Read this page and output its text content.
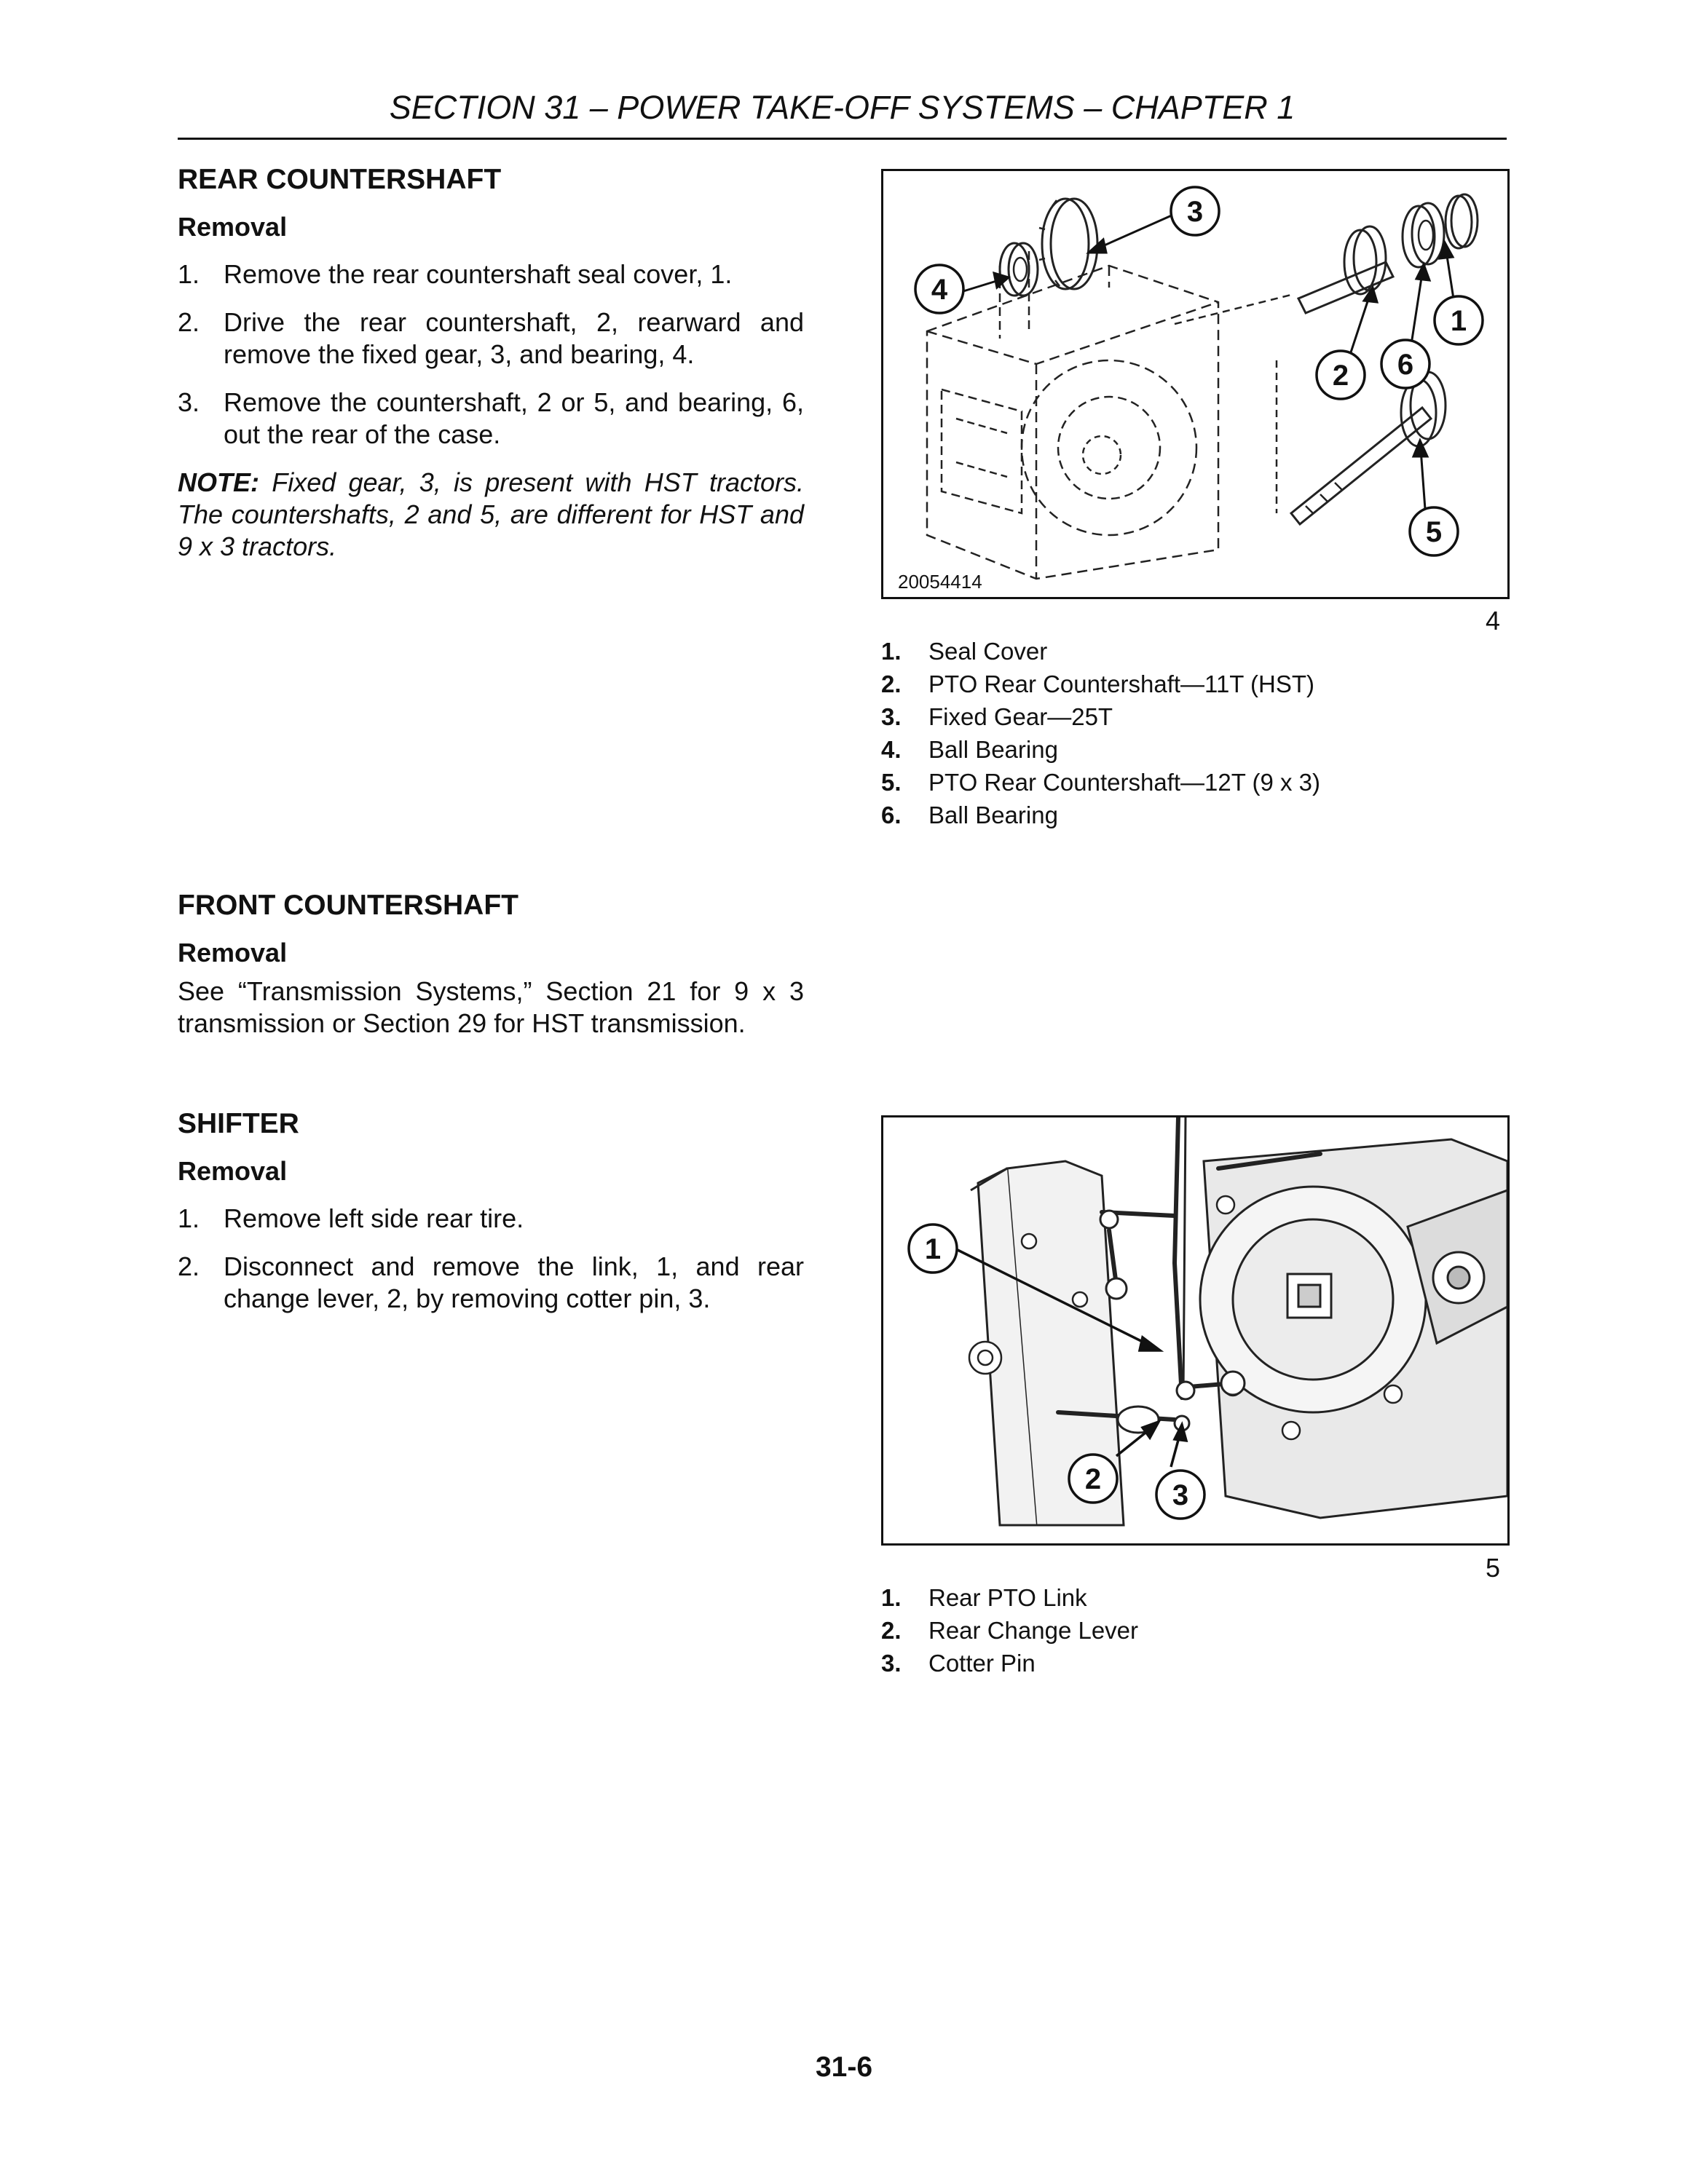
SECTION 31 – POWER TAKE-OFF SYSTEMS – CHAPTER 1
REAR COUNTERSHAFT
Removal

1. Remove the rear countershaft seal cover, 1.

2. Drive the rear countershaft, 2, rearward and remove the fixed gear, 3, and bearing, 4.

3. Remove the countershaft, 2 or 5, and bearing, 6, out the rear of the case.

NOTE: Fixed gear, 3, is present with HST tractors. The countershafts, 2 and 5, are different for HST and 9 x 3 tractors.

3
4
1
2 6
5
20054414
4
1. Seal Cover
2. PTO Rear Countershaft—11T (HST)
3. Fixed Gear—25T
4. Ball Bearing
5. PTO Rear Countershaft—12T (9 x 3)
6. Ball Bearing
FRONT COUNTERSHAFT
Removal

See “Transmission Systems,” Section 21 for 9 x 3 transmission or Section 29 for HST transmission.

SHIFTER
Removal

1. Remove left side rear tire.

2. Disconnect and remove the link, 1, and rear change lever, 2, by removing cotter pin, 3.

1
2 3
5
1. Rear PTO Link
2. Rear Change Lever
3. Cotter Pin
31-6
